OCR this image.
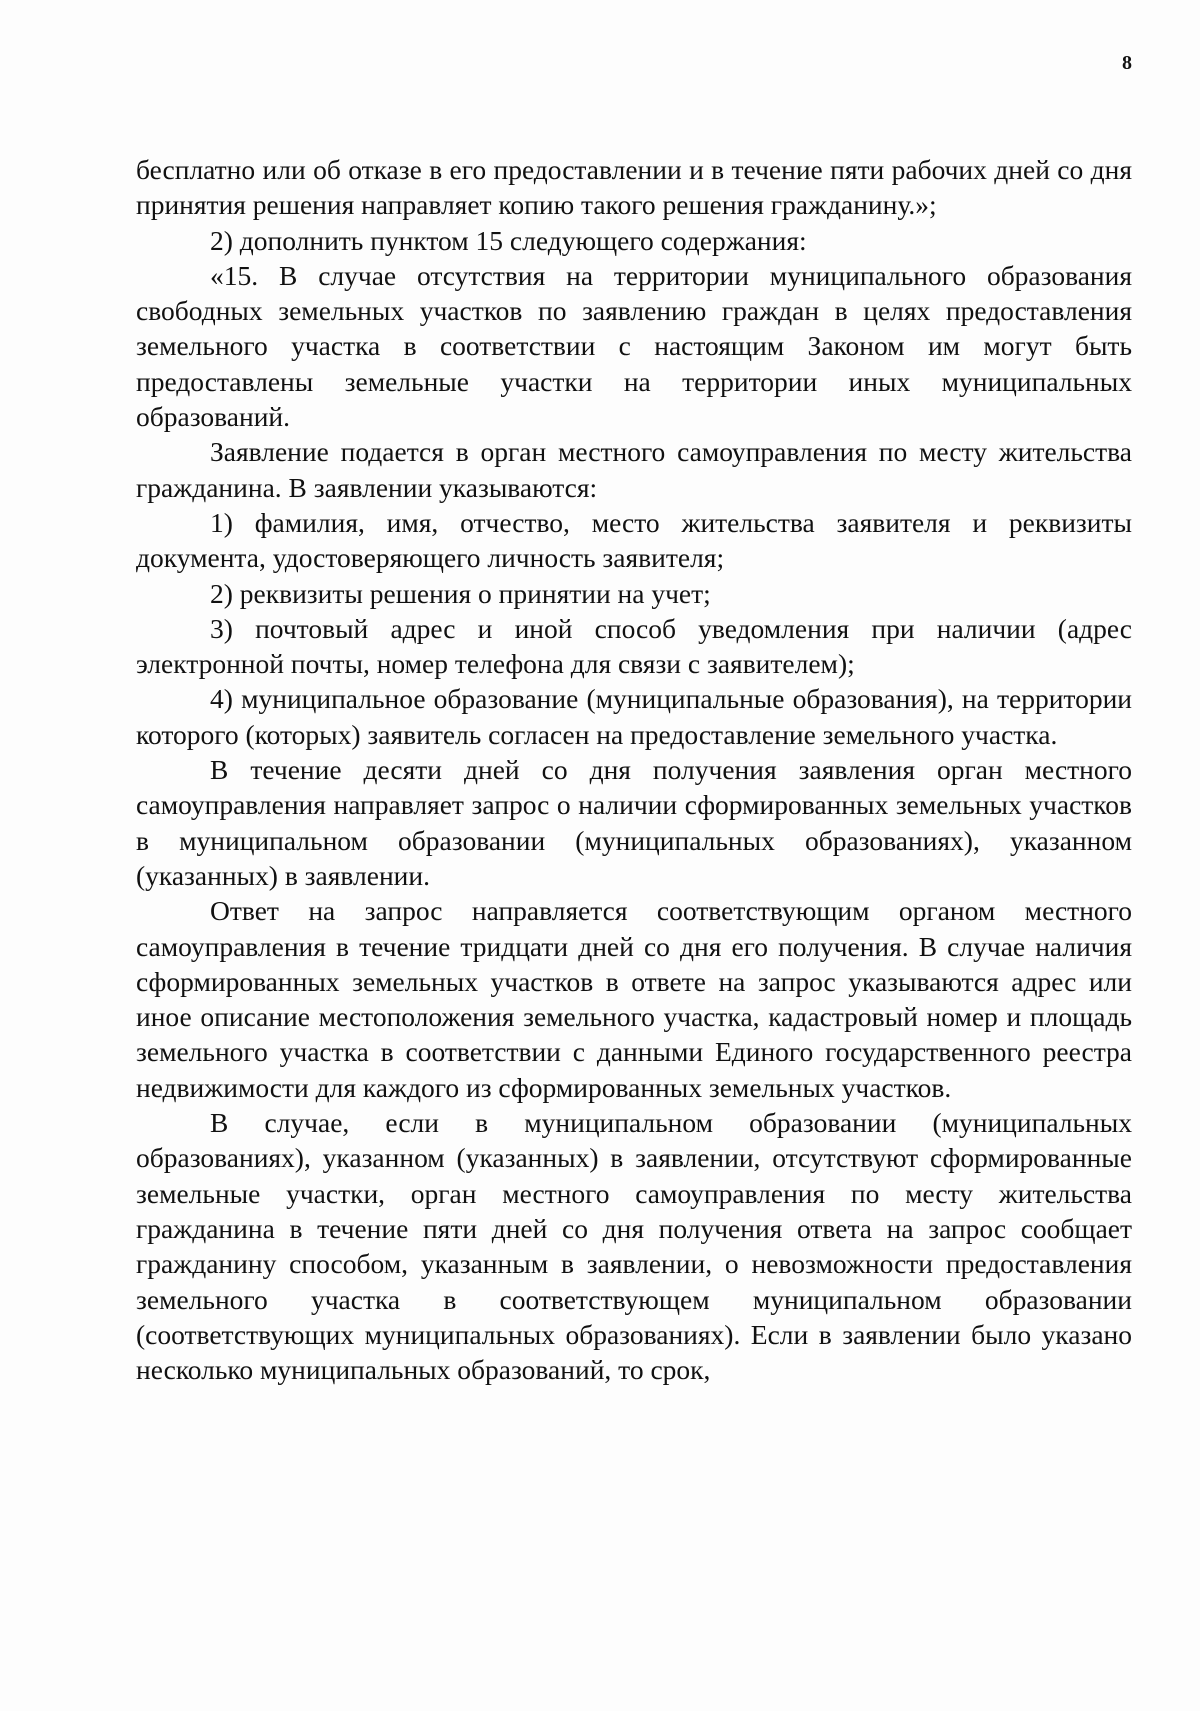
8

бесплатно или об отказе в его предоставлении и в течение пяти рабочих дней со дня принятия решения направляет копию такого решения гражданину.»;

2) дополнить пунктом 15 следующего содержания:

«15. В случае отсутствия на территории муниципального образования свободных земельных участков по заявлению граждан в целях предоставления земельного участка в соответствии с настоящим Законом им могут быть предоставлены земельные участки на территории иных муниципальных образований.

Заявление подается в орган местного самоуправления по месту жительства гражданина. В заявлении указываются:

1) фамилия, имя, отчество, место жительства заявителя и реквизиты документа, удостоверяющего личность заявителя;

2) реквизиты решения о принятии на учет;

3) почтовый адрес и иной способ уведомления при наличии (адрес электронной почты, номер телефона для связи с заявителем);

4) муниципальное образование (муниципальные образования), на территории которого (которых) заявитель согласен на предоставление земельного участка.

В течение десяти дней со дня получения заявления орган местного самоуправления направляет запрос о наличии сформированных земельных участков в муниципальном образовании (муниципальных образованиях), указанном (указанных) в заявлении.

Ответ на запрос направляется соответствующим органом местного самоуправления в течение тридцати дней со дня его получения. В случае наличия сформированных земельных участков в ответе на запрос указываются адрес или иное описание местоположения земельного участка, кадастровый номер и площадь земельного участка в соответствии с данными Единого государственного реестра недвижимости для каждого из сформированных земельных участков.

В случае, если в муниципальном образовании (муниципальных образованиях), указанном (указанных) в заявлении, отсутствуют сформированные земельные участки, орган местного самоуправления по месту жительства гражданина в течение пяти дней со дня получения ответа на запрос сообщает гражданину способом, указанным в заявлении, о невозможности предоставления земельного участка в соответствующем муниципальном образовании (соответствующих муниципальных образованиях). Если в заявлении было указано несколько муниципальных образований, то срок,
